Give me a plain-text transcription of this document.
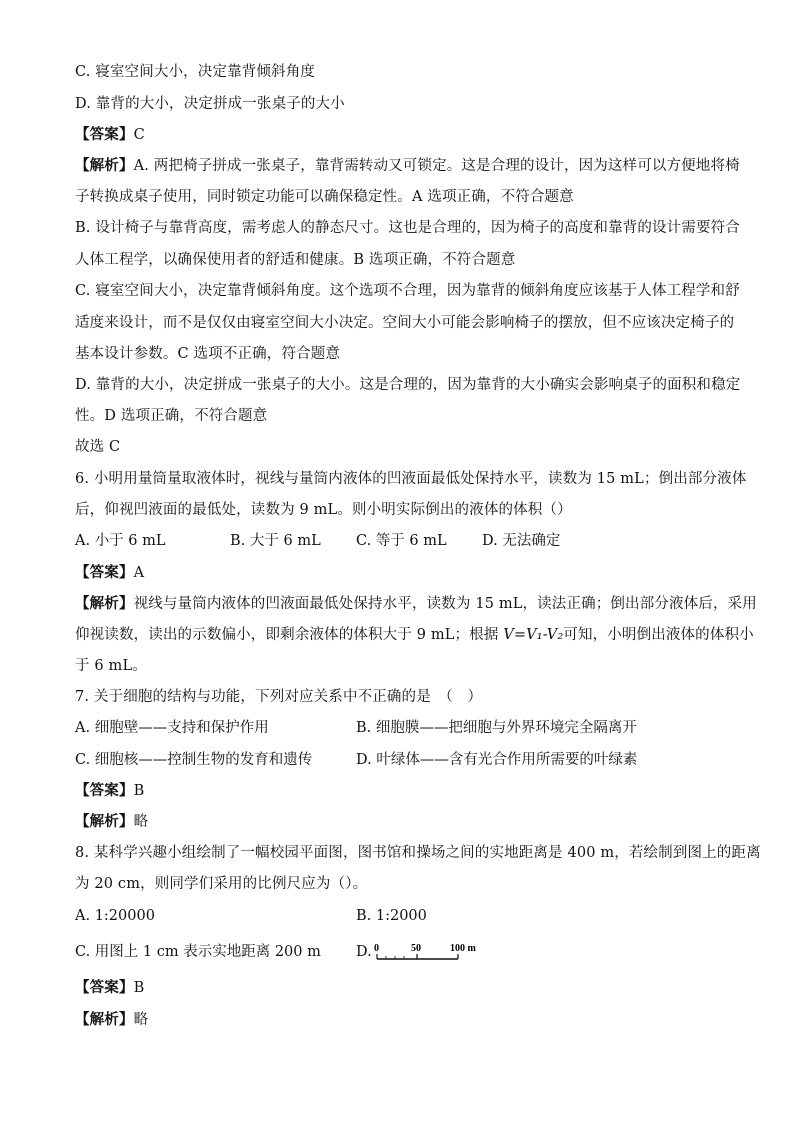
C. 寝室空间大小，决定靠背倾斜角度
D. 靠背的大小，决定拼成一张桌子的大小
【答案】C
【解析】A. 两把椅子拼成一张桌子，靠背需转动又可锁定。这是合理的设计，因为这样可以方便地将椅
子转换成桌子使用，同时锁定功能可以确保稳定性。A 选项正确，不符合题意
B. 设计椅子与靠背高度，需考虑人的静态尺寸。这也是合理的，因为椅子的高度和靠背的设计需要符合
人体工程学，以确保使用者的舒适和健康。B 选项正确，不符合题意
C. 寝室空间大小，决定靠背倾斜角度。这个选项不合理，因为靠背的倾斜角度应该基于人体工程学和舒
适度来设计，而不是仅仅由寝室空间大小决定。空间大小可能会影响椅子的摆放，但不应该决定椅子的
基本设计参数。C 选项不正确，符合题意
D. 靠背的大小，决定拼成一张桌子的大小。这是合理的，因为靠背的大小确实会影响桌子的面积和稳定
性。D 选项正确，不符合题意
故选 C
6. 小明用量筒量取液体时，视线与量筒内液体的凹液面最低处保持水平，读数为 15 mL；倒出部分液体
后，仰视凹液面的最低处，读数为 9 mL。则小明实际倒出的液体的体积（）
A. 小于 6 mL	B. 大于 6 mL C. 等于 6 mL D. 无法确定
【答案】A
【解析】视线与量筒内液体的凹液面最低处保持水平，读数为 15 mL，读法正确；倒出部分液体后，采用
仰视读数，读出的示数偏小，即剩余液体的体积大于 9 mL；根据 V=V₁-V₂可知，小明倒出液体的体积小
于 6 mL。
7. 关于细胞的结构与功能，下列对应关系中不正确的是　（　）
A. 细胞壁——支持和保护作用	B. 细胞膜——把细胞与外界环境完全隔离开
C. 细胞核——控制生物的发育和遗传	D. 叶绿体——含有光合作用所需要的叶绿素
【答案】B
【解析】略
8. 某科学兴趣小组绘制了一幅校园平面图，图书馆和操场之间的实地距离是 400 m，若绘制到图上的距离
为 20 cm，则同学们采用的比例尺应为（）。
A. 1:20000	B. 1:2000
C. 用图上 1 cm 表示实地距离 200 m D. 0	50	100 m
【答案】B
【解析】略
